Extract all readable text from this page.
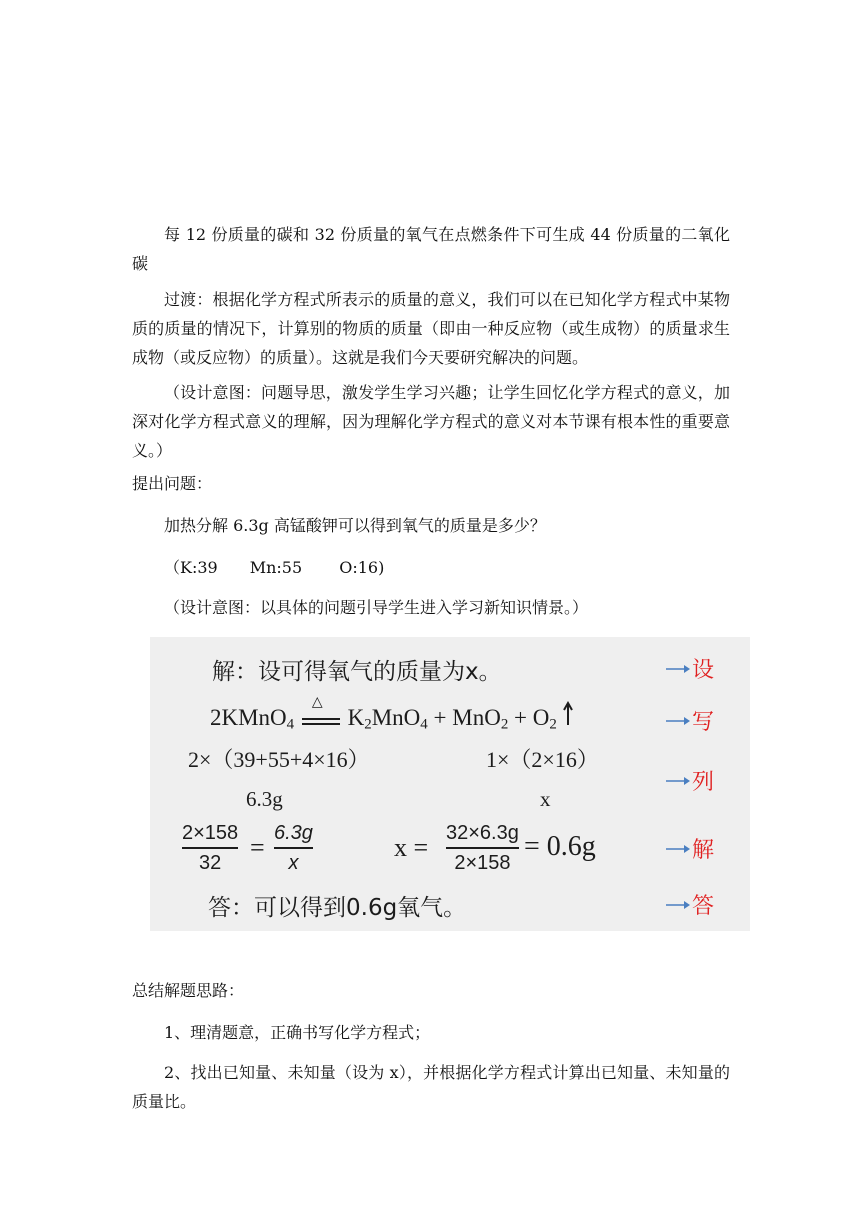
每 12 份质量的碳和 32 份质量的氧气在点燃条件下可生成 44 份质量的二氧化碳

过渡：根据化学方程式所表示的质量的意义，我们可以在已知化学方程式中某物质的质量的情况下，计算别的物质的质量（即由一种反应物（或生成物）的质量求生成物（或反应物）的质量）。这就是我们今天要研究解决的问题。

（设计意图：问题导思，激发学生学习兴趣；让学生回忆化学方程式的意义，加深对化学方程式意义的理解，因为理解化学方程式的意义对本节课有根本性的重要意义。）

提出问题：

加热分解 6.3g 高锰酸钾可以得到氧气的质量是多少？

（K:39　　Mn:55　　 O:16)

（设计意图：以具体的问题引导学生进入学习新知识情景。）

解：设可得氧气的质量为x。
2KMnO$_4$
△
$K_2MnO_4 + MnO_2 + O_2$
2×（39+55+4×16）	1×（2×16）
6.3g	x
2×158
32
= 6.3g
x
x = 32×6.3g
2×158
= 0.6g
答：可以得到0.6g氧气。
设
写
列
解
答

总结解题思路：

1、理清题意，正确书写化学方程式；

2、找出已知量、未知量（设为 x），并根据化学方程式计算出已知量、未知量的质量比。
